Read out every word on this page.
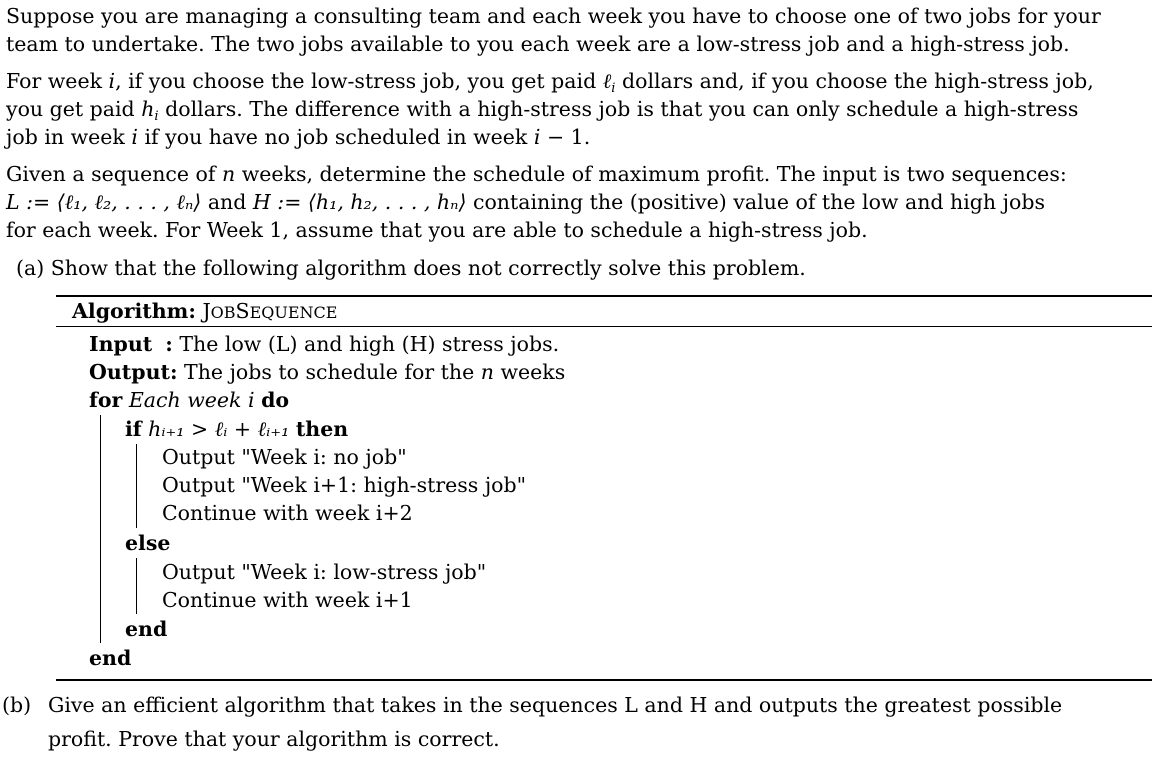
Suppose you are managing a consulting team and each week you have to choose one of two jobs for your
team to undertake. The two jobs available to you each week are a low-stress job and a high-stress job.
For week i, if you choose the low-stress job, you get paid ℓ$_i$ dollars and, if you choose the high-stress job,
you get paid $h_i$ dollars. The difference with a high-stress job is that you can only schedule a high-stress
job in week i if you have no job scheduled in week i − 1.
Given a sequence of n weeks, determine the schedule of maximum profit. The input is two sequences:
L := ⟨ℓ₁, ℓ₂, . . . , ℓₙ⟩ and H := ⟨h₁, h₂, . . . , hₙ⟩ containing the (positive) value of the low and high jobs
for each week. For Week 1, assume that you are able to schedule a high-stress job.
(a) Show that the following algorithm does not correctly solve this problem.
Algorithm: JOBSEQUENCE
Input : The low (L) and high (H) stress jobs.
Output: The jobs to schedule for the n weeks
for Each week i do
if hᵢ₊₁ > ℓᵢ + ℓᵢ₊₁ then
Output "Week i: no job"
Output "Week i+1: high-stress job"
Continue with week i+2
else
Output "Week i: low-stress job"
Continue with week i+1
end
end
(b) Give an efficient algorithm that takes in the sequences L and H and outputs the greatest possible
profit. Prove that your algorithm is correct.
